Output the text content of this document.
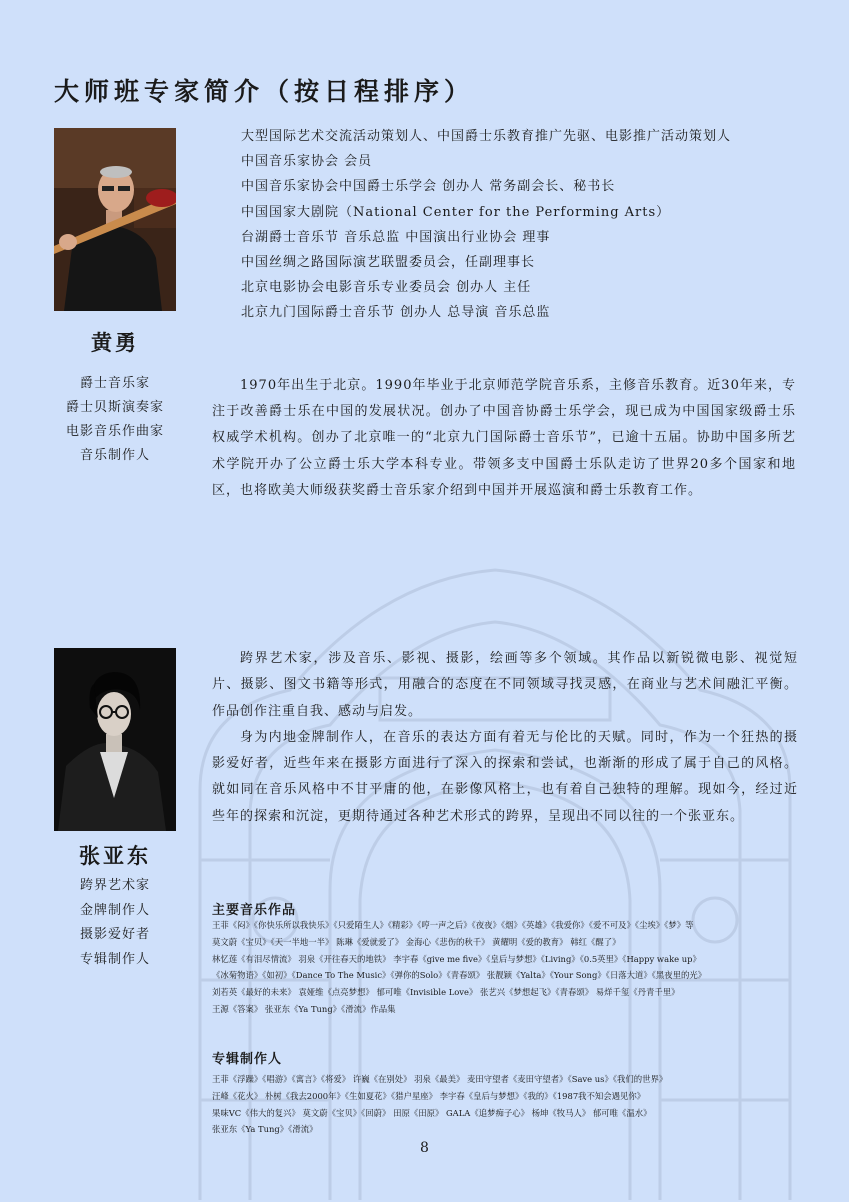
大师班专家简介（按日程排序）
黄勇
爵士音乐家
爵士贝斯演奏家
电影音乐作曲家
音乐制作人
大型国际艺术交流活动策划人、中国爵士乐教育推广先驱、电影推广活动策划人
中国音乐家协会 会员
中国音乐家协会中国爵士乐学会 创办人 常务副会长、秘书长
中国国家大剧院（National Center for the Performing Arts）
台湖爵士音乐节 音乐总监 中国演出行业协会 理事
中国丝绸之路国际演艺联盟委员会，任副理事长
北京电影协会电影音乐专业委员会 创办人 主任
北京九门国际爵士音乐节 创办人 总导演 音乐总监

1970年出生于北京。1990年毕业于北京师范学院音乐系，主修音乐教育。近30年来，专注于改善爵士乐在中国的发展状况。创办了中国音协爵士乐学会，现已成为中国国家级爵士乐权威学术机构。创办了北京唯一的“北京九门国际爵士音乐节”，已逾十五届。协助中国多所艺术学院开办了公立爵士乐大学本科专业。带领多支中国爵士乐队走访了世界20多个国家和地区，也将欧美大师级获奖爵士音乐家介绍到中国并开展巡演和爵士乐教育工作。

张亚东
跨界艺术家
金牌制作人
摄影爱好者
专辑制作人

跨界艺术家，涉及音乐、影视、摄影，绘画等多个领域。其作品以新锐微电影、视觉短片、摄影、图文书籍等形式，用融合的态度在不同领域寻找灵感，在商业与艺术间融汇平衡。作品创作注重自我、感动与启发。

身为内地金牌制作人，在音乐的表达方面有着无与伦比的天赋。同时，作为一个狂热的摄影爱好者，近些年来在摄影方面进行了深入的探索和尝试，也渐渐的形成了属于自己的风格。就如同在音乐风格中不甘平庸的他，在影像风格上，也有着自己独特的理解。现如今，经过近些年的探索和沉淀，更期待通过各种艺术形式的跨界，呈现出不同以往的一个张亚东。

主要音乐作品
王菲《闷》《你快乐所以我快乐》《只爱陌生人》《精彩》《哼一声之后》《夜夜》《烟》《英雄》《我爱你》《爱不可及》《尘埃》《梦》等
莫文蔚《宝贝》《天一半地一半》 陈琳《爱就爱了》 金海心《悲伤的秋千》 黄耀明《爱的教育》 韩红《醒了》
林忆莲《有泪尽情流》 羽泉《开往春天的地铁》 李宇春《give me five》《皇后与梦想》《Living》《0.5英里》《Happy wake up》
《冰菊物语》《如初》《Dance To The Music》《弹你的Solo》《青春颂》 张靓颖《Yalta》《Your Song》《日落大道》《黑夜里的光》
刘若英《最好的未来》 袁娅维《点亮梦想》 郁可唯《Invisible Love》 张艺兴《梦想起飞》《青春颂》 易烊千玺《丹青千里》
王源《答案》 张亚东《Ya Tung》《滑流》作品集
专辑制作人
王菲《浮躁》《唱游》《寓言》《将爱》 许巍《在别处》 羽泉《最美》 麦田守望者《麦田守望者》《Save us》《我们的世界》
汪峰《花火》 朴树《我去2000年》《生如夏花》《猎户星座》 李宇春《皇后与梦想》《我的》《1987我不知会遇见你》
果味VC《伟大的复兴》 莫文蔚《宝贝》《回蔚》 田原《田原》 GALA《追梦痴子心》 杨坤《牧马人》 郁可唯《温水》
张亚东《Ya Tung》《滑流》
8
